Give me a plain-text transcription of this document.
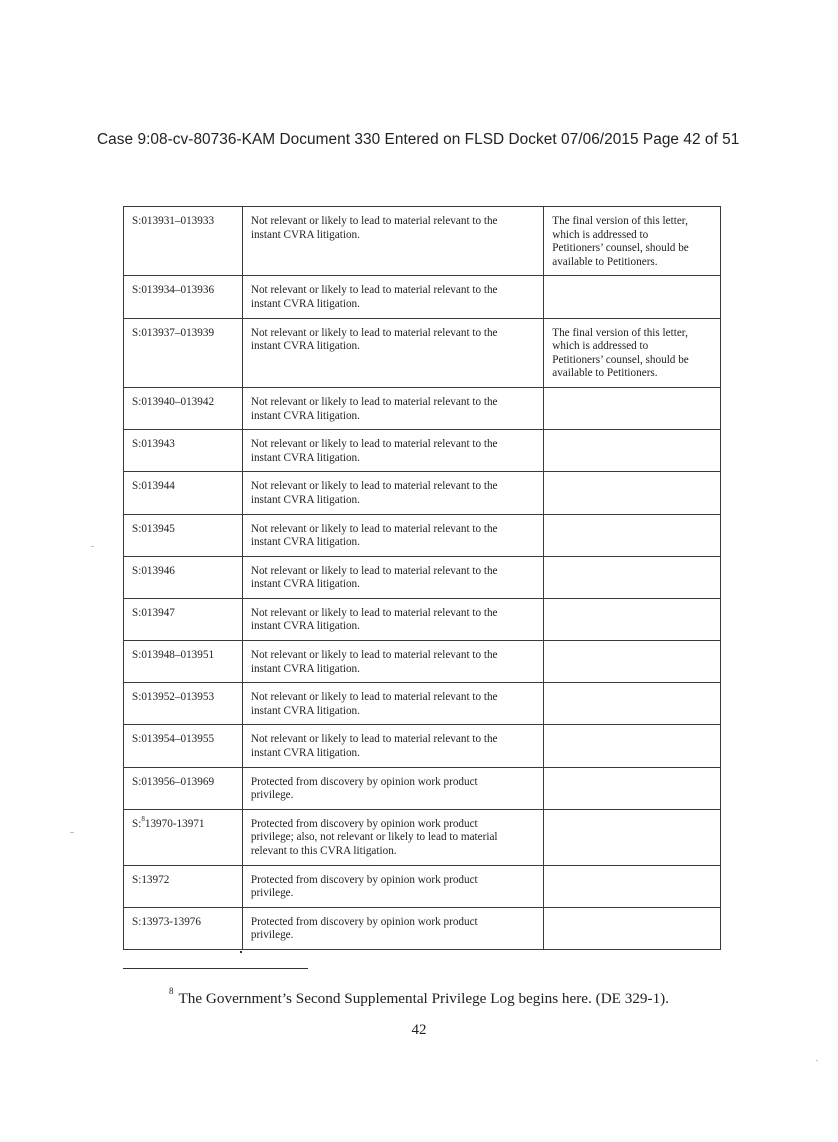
Case 9:08-cv-80736-KAM Document 330 Entered on FLSD Docket 07/06/2015 Page 42 of 51
S:013931–013933	Not relevant or likely to lead to material relevant to the
instant CVRA litigation.	The final version of this letter,
which is addressed to
Petitioners’ counsel, should be
available to Petitioners.

S:013934–013936	Not relevant or likely to lead to material relevant to the
instant CVRA litigation.	

S:013937–013939	Not relevant or likely to lead to material relevant to the
instant CVRA litigation.	The final version of this letter,
which is addressed to
Petitioners’ counsel, should be
available to Petitioners.

S:013940–013942	Not relevant or likely to lead to material relevant to the
instant CVRA litigation.	

S:013943	Not relevant or likely to lead to material relevant to the
instant CVRA litigation.	

S:013944	Not relevant or likely to lead to material relevant to the
instant CVRA litigation.	

S:013945	Not relevant or likely to lead to material relevant to the
instant CVRA litigation.	

S:013946	Not relevant or likely to lead to material relevant to the
instant CVRA litigation.	

S:013947	Not relevant or likely to lead to material relevant to the
instant CVRA litigation.	

S:013948–013951	Not relevant or likely to lead to material relevant to the
instant CVRA litigation.	

S:013952–013953	Not relevant or likely to lead to material relevant to the
instant CVRA litigation.	

S:013954–013955	Not relevant or likely to lead to material relevant to the
instant CVRA litigation.	

S:013956–013969	Protected from discovery by opinion work product
privilege.	

S:$^8$13970-13971	Protected from discovery by opinion work product
privilege; also, not relevant or likely to lead to material
relevant to this CVRA litigation.	

S:13972	Protected from discovery by opinion work product
privilege.	

S:13973-13976	Protected from discovery by opinion work product
privilege.	

$^8$ The Government’s Second Supplemental Privilege Log begins here. (DE 329-1).
42
